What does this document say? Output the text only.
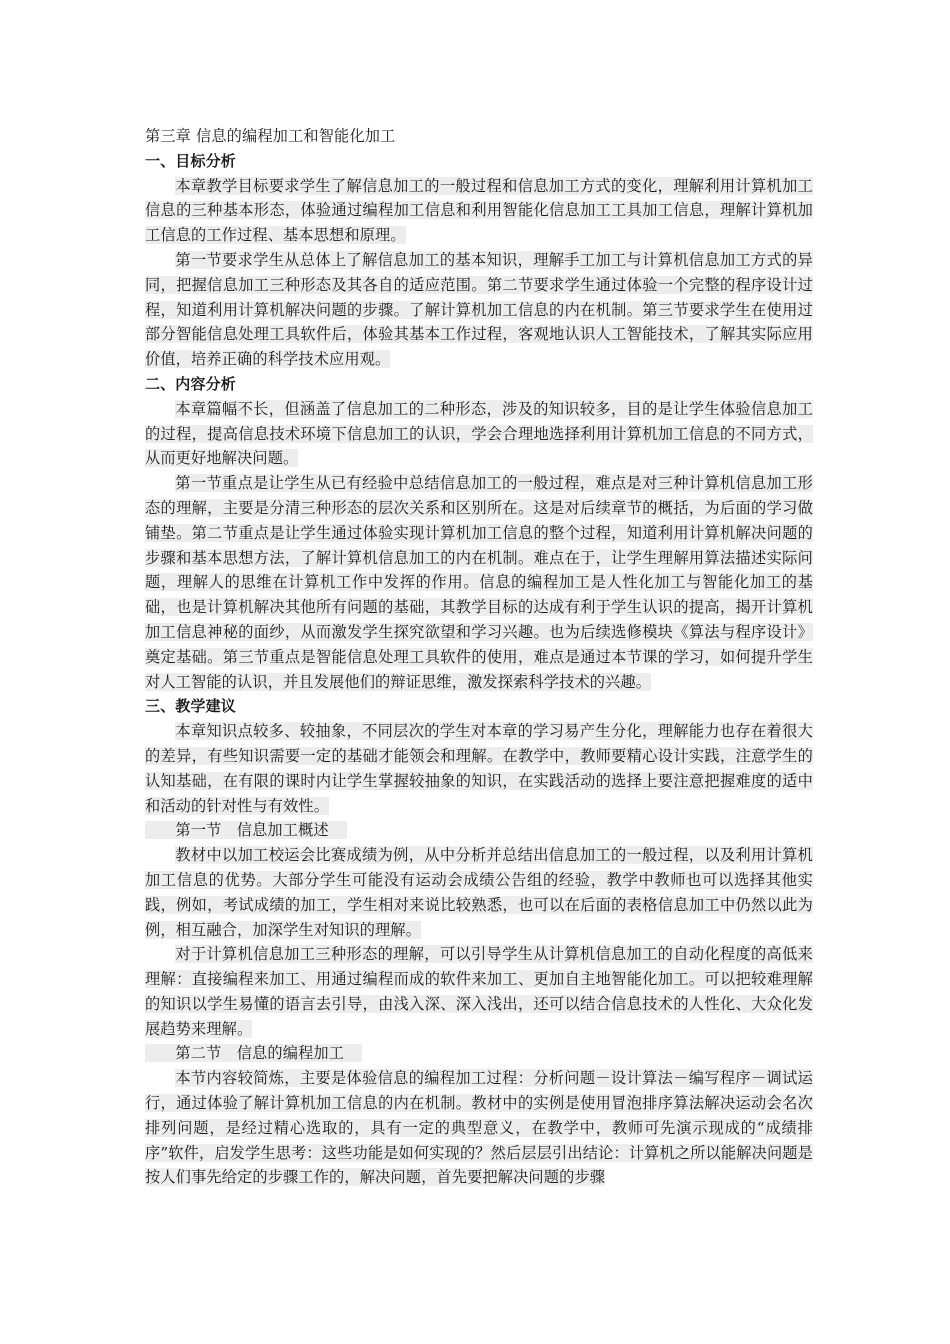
第三章 信息的编程加工和智能化加工
一、目标分析

本章教学目标要求学生了解信息加工的一般过程和信息加工方式的变化，理解利用计算机加工信息的三种基本形态，体验通过编程加工信息和利用智能化信息加工工具加工信息，理解计算机加工信息的工作过程、基本思想和原理。

第一节要求学生从总体上了解信息加工的基本知识，理解手工加工与计算机信息加工方式的异同，把握信息加工三种形态及其各自的适应范围。第二节要求学生通过体验一个完整的程序设计过程，知道利用计算机解决问题的步骤。了解计算机加工信息的内在机制。第三节要求学生在使用过部分智能信息处理工具软件后，体验其基本工作过程，客观地认识人工智能技术，了解其实际应用价值，培养正确的科学技术应用观。

二、内容分析

本章篇幅不长，但涵盖了信息加工的二种形态，涉及的知识较多，目的是让学生体验信息加工的过程，提高信息技术环境下信息加工的认识，学会合理地选择利用计算机加工信息的不同方式，从而更好地解决问题。

第一节重点是让学生从已有经验中总结信息加工的一般过程，难点是对三种计算机信息加工形态的理解，主要是分清三种形态的层次关系和区别所在。这是对后续章节的概括，为后面的学习做铺垫。第二节重点是让学生通过体验实现计算机加工信息的整个过程，知道利用计算机解决问题的步骤和基本思想方法，了解计算机信息加工的内在机制。难点在于，让学生理解用算法描述实际问题，理解人的思维在计算机工作中发挥的作用。信息的编程加工是人性化加工与智能化加工的基础，也是计算机解决其他所有问题的基础，其教学目标的达成有利于学生认识的提高，揭开计算机加工信息神秘的面纱，从而激发学生探究欲望和学习兴趣。也为后续选修模块《算法与程序设计》奠定基础。第三节重点是智能信息处理工具软件的使用，难点是通过本节课的学习，如何提升学生对人工智能的认识，并且发展他们的辩证思维，激发探索科学技术的兴趣。

三、教学建议

本章知识点较多、较抽象，不同层次的学生对本章的学习易产生分化，理解能力也存在着很大的差异，有些知识需要一定的基础才能领会和理解。在教学中，教师要精心设计实践，注意学生的认知基础，在有限的课时内让学生掌握较抽象的知识，在实践活动的选择上要注意把握难度的适中和活动的针对性与有效性。

第一节　信息加工概述

教材中以加工校运会比赛成绩为例，从中分析并总结出信息加工的一般过程，以及利用计算机加工信息的优势。大部分学生可能没有运动会成绩公告组的经验，教学中教师也可以选择其他实践，例如，考试成绩的加工，学生相对来说比较熟悉，也可以在后面的表格信息加工中仍然以此为例，相互融合，加深学生对知识的理解。

对于计算机信息加工三种形态的理解，可以引导学生从计算机信息加工的自动化程度的高低来理解：直接编程来加工、用通过编程而成的软件来加工、更加自主地智能化加工。可以把较难理解的知识以学生易懂的语言去引导，由浅入深、深入浅出，还可以结合信息技术的人性化、大众化发展趋势来理解。

第二节　信息的编程加工

本节内容较简炼，主要是体验信息的编程加工过程：分析问题－设计算法－编写程序－调试运行，通过体验了解计算机加工信息的内在机制。教材中的实例是使用冒泡排序算法解决运动会名次排列问题，是经过精心选取的，具有一定的典型意义，在教学中，教师可先演示现成的“成绩排序”软件，启发学生思考：这些功能是如何实现的？然后层层引出结论：计算机之所以能解决问题是按人们事先给定的步骤工作的，解决问题，首先要把解决问题的步骤
